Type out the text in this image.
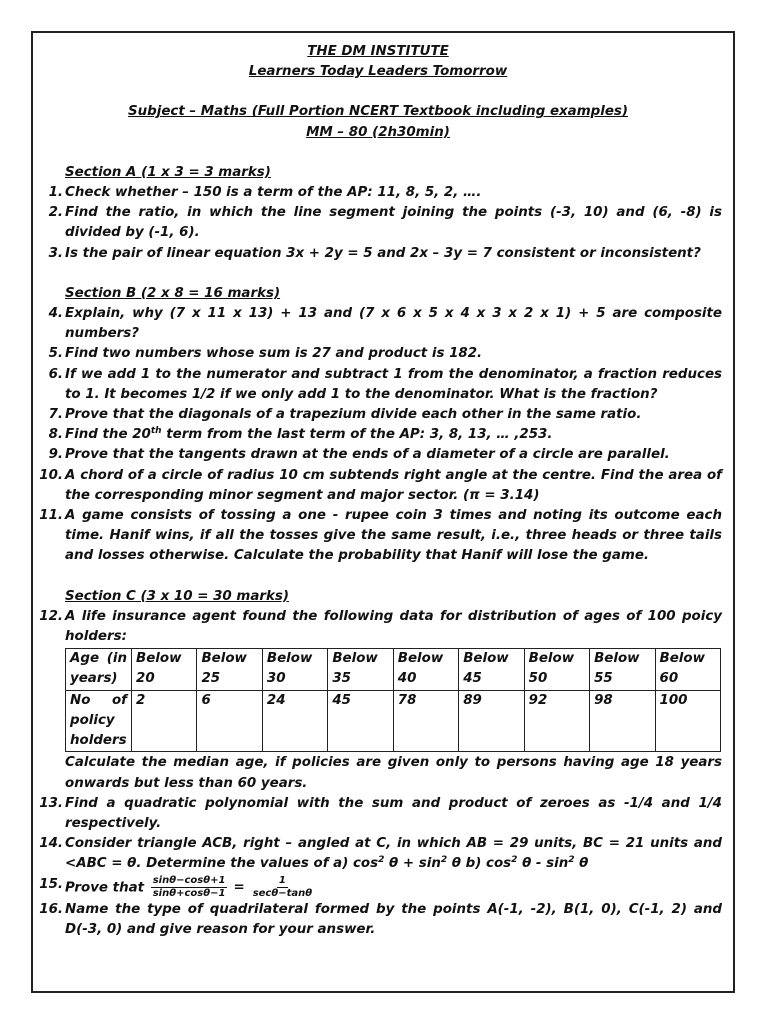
THE DM INSTITUTE
Learners Today Leaders Tomorrow
Subject – Maths (Full Portion NCERT Textbook including examples)
MM – 80 (2h30min)
Section A (1 x 3 = 3 marks)
1. Check whether – 150 is a term of the AP: 11, 8, 5, 2, ….
2. Find the ratio, in which the line segment joining the points (-3, 10) and (6, -8) is divided by (-1, 6).
3. Is the pair of linear equation 3x + 2y = 5 and 2x – 3y = 7 consistent or inconsistent?
Section B (2 x 8 = 16 marks)
4. Explain, why (7 x 11 x 13) + 13 and (7 x 6 x 5 x 4 x 3 x 2 x 1) + 5 are composite numbers?
5. Find two numbers whose sum is 27 and product is 182.
6. If we add 1 to the numerator and subtract 1 from the denominator, a fraction reduces to 1. It becomes 1/2 if we only add 1 to the denominator. What is the fraction?
7. Prove that the diagonals of a trapezium divide each other in the same ratio.
8. Find the 20th term from the last term of the AP: 3, 8, 13, … ,253.
9. Prove that the tangents drawn at the ends of a diameter of a circle are parallel.
10. A chord of a circle of radius 10 cm subtends right angle at the centre. Find the area of the corresponding minor segment and major sector. (π = 3.14)
11. A game consists of tossing a one - rupee coin 3 times and noting its outcome each time. Hanif wins, if all the tosses give the same result, i.e., three heads or three tails and losses otherwise. Calculate the probability that Hanif will lose the game.
Section C (3 x 10 = 30 marks)
12. A life insurance agent found the following data for distribution of ages of 100 poicy holders:
Age (in years)	Below 20	Below 25	Below 30	Below 35	Below 40	Below 45	Below 50	Below 55	Below 60
No of policy holders	2	6	24	45	78	89	92	98	100
Calculate the median age, if policies are given only to persons having age 18 years onwards but less than 60 years.
13. Find a quadratic polynomial with the sum and product of zeroes as -1/4 and 1/4 respectively.
14. Consider triangle ACB, right – angled at C, in which AB = 29 units, BC = 21 units and <ABC = θ. Determine the values of a) $\cos^2 \theta + \sin^2 \theta$ b) $\cos^2 \theta - \sin^2 \theta$
15. Prove that $\frac{\sin\theta-\cos\theta+1}{\sin\theta+\cos\theta-1} = \frac{1}{\sec\theta-\tan\theta}$
16. Name the type of quadrilateral formed by the points A(-1, -2), B(1, 0), C(-1, 2) and D(-3, 0) and give reason for your answer.
